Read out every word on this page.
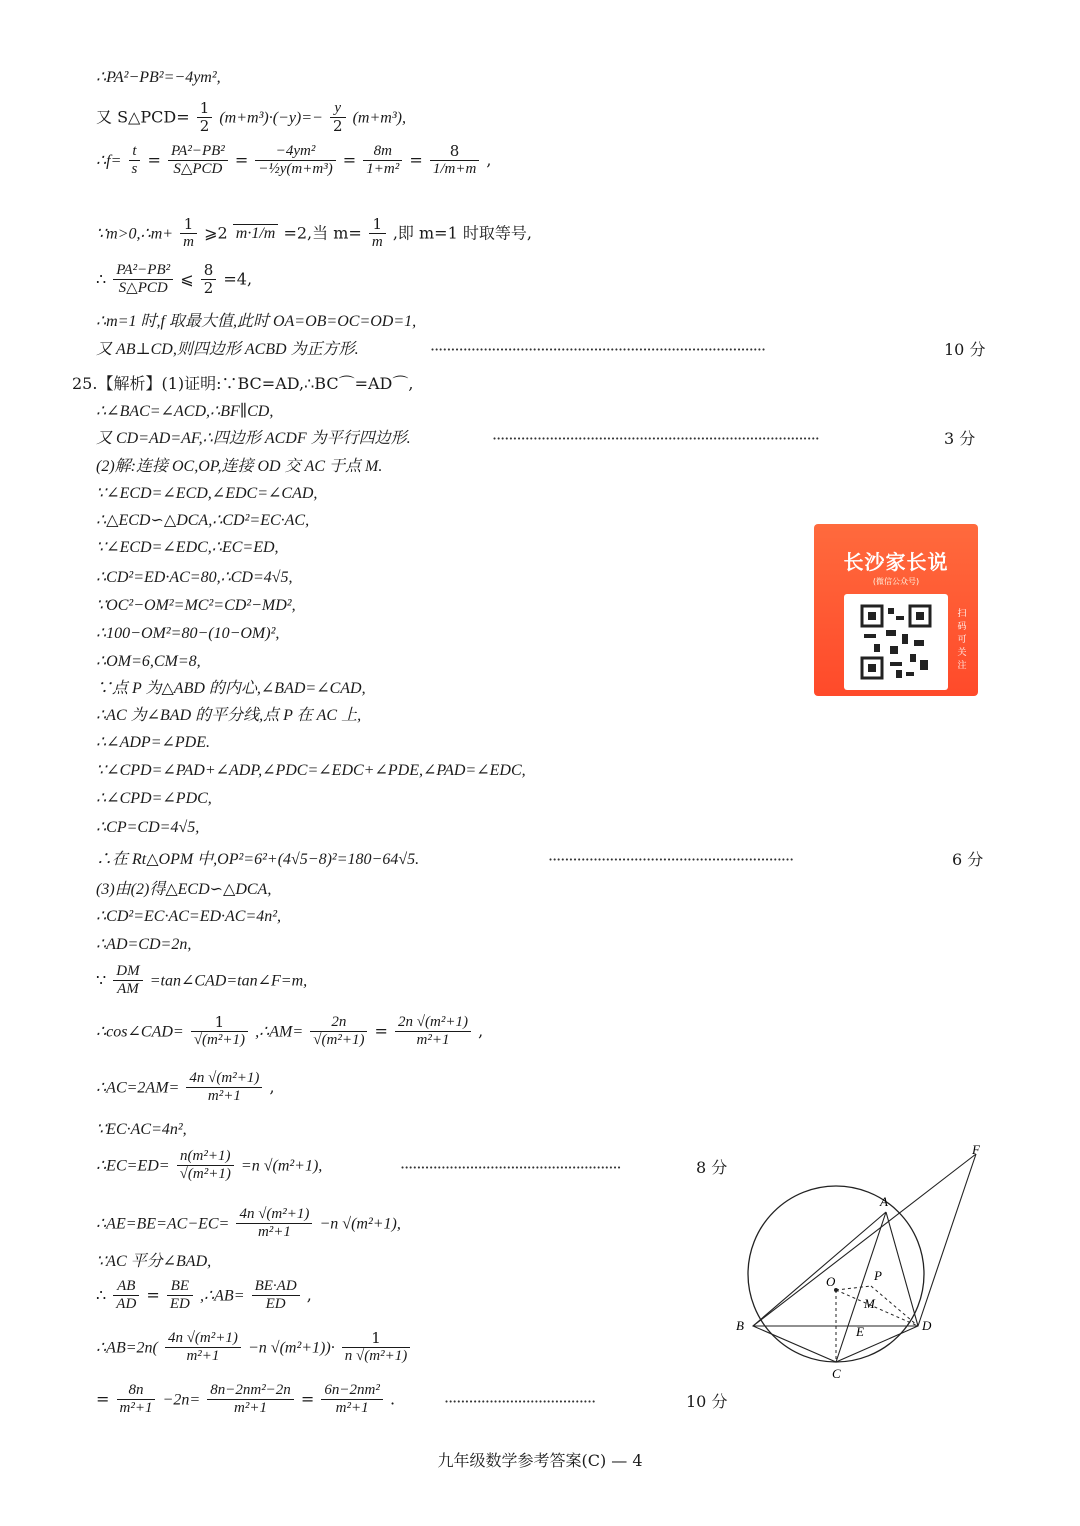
∴PA²−PB²=−4ym²,
又 S△PCD= $\frac{1}{2} (m+m^3)\cdot(-y)=- \frac{y}{2} (m+m^3)$,
∴f= $\frac{t}{s} = \frac{\text{PA²−PB²}}{\text{S△PCD}} = \frac{\text{−4ym²}}{\text{−½y(m+m³)}} = \frac{8m}{\text{1+m²}} = \frac{8}{1/m+m}$ ,
∵m>0,∴m+ $\frac{1}{m}$ ⩾2 m·1/m =2,当 $m= \frac{1}{m}$ ,即 m=1 时取等号,
∴ $\frac{\text{PA²−PB²}}{\text{S△PCD}}$ ⩽ $\frac{8}{2} =4$,
∴m=1 时,f 取最大值,此时 OA=OB=OC=OD=1,
又 AB⊥CD,则四边形 ACBD 为正方形.	··················································································	10 分
25.【解析】(1)证明:∵BC=AD,∴BC⌒=AD⌒,
∴∠BAC=∠ACD,∴BF∥CD,
又 CD=AD=AF,∴四边形 ACDF 为平行四边形.	················································································	3 分
(2)解:连接 OC,OP,连接 OD 交 AC 于点 M.
∵∠ECD=∠ECD,∠EDC=∠CAD,
∴△ECD∽△DCA,∴CD²=EC·AC,
∵∠ECD=∠EDC,∴EC=ED,
∴CD²=ED·AC=80,∴CD=4√5,
∵OC²−OM²=MC²=CD²−MD²,
∴100−OM²=80−(10−OM)²,
∴OM=6,CM=8,
∵点 P 为△ABD 的内心,∠BAD=∠CAD,
∴AC 为∠BAD 的平分线,点 P 在 AC 上,
∴∠ADP=∠PDE.
∵∠CPD=∠PAD+∠ADP,∠PDC=∠EDC+∠PDE,∠PAD=∠EDC,
∴∠CPD=∠PDC,
∴CP=CD=4√5,
∴在 Rt△OPM 中,OP²=6²+(4√5−8)²=180−64√5.	····························································	6 分
(3)由(2)得△ECD∽△DCA,
∴CD²=EC·AC=ED·AC=4n²,
∴AD=CD=2n,
∵ $\frac{DM}{AM}$ =tan∠CAD=tan∠F=m,
∴cos∠CAD= $\frac{1}{\text{√(m²+1)}}$ ,∴AM= $\frac{2n}{\text{√(m²+1)}} = \frac{\text{2n √(m²+1)}}{\text{m²+1}}$ ,
∴AC=2AM= $\frac{\text{4n √(m²+1)}}{\text{m²+1}}$ ,
∵EC·AC=4n²,
∴EC=ED= $\frac{\text{n(m²+1)}}{\text{√(m²+1)}} =n$ √(m²+1),	······················································	8 分
∴AE=BE=AC−EC= $\frac{\text{4n √(m²+1)}}{\text{m²+1}} -n$ √(m²+1),
∵AC 平分∠BAD,
∴ $\frac{AB}{AD} = \frac{BE}{ED}$ ,∴AB= $\frac{BE\cdot AD}{ED}$ ,
∴AB=2n( $\frac{\text{4n √(m²+1)}}{\text{m²+1}} -n$ $√(m^2+1))\cdot \frac{1}{\text{n √(m²+1)}}$
= $\frac{8n}{\text{m²+1}} -2n= \frac{\text{8n−2nm²−2n}}{\text{m²+1}} = \frac{\text{6n−2nm²}}{\text{m²+1}}$ .	·····································	10 分
长沙家长说
(微信公众号)
扫码可关注
F
A
O	P
M
B	E	D
C
九年级数学参考答案(C) — 4
